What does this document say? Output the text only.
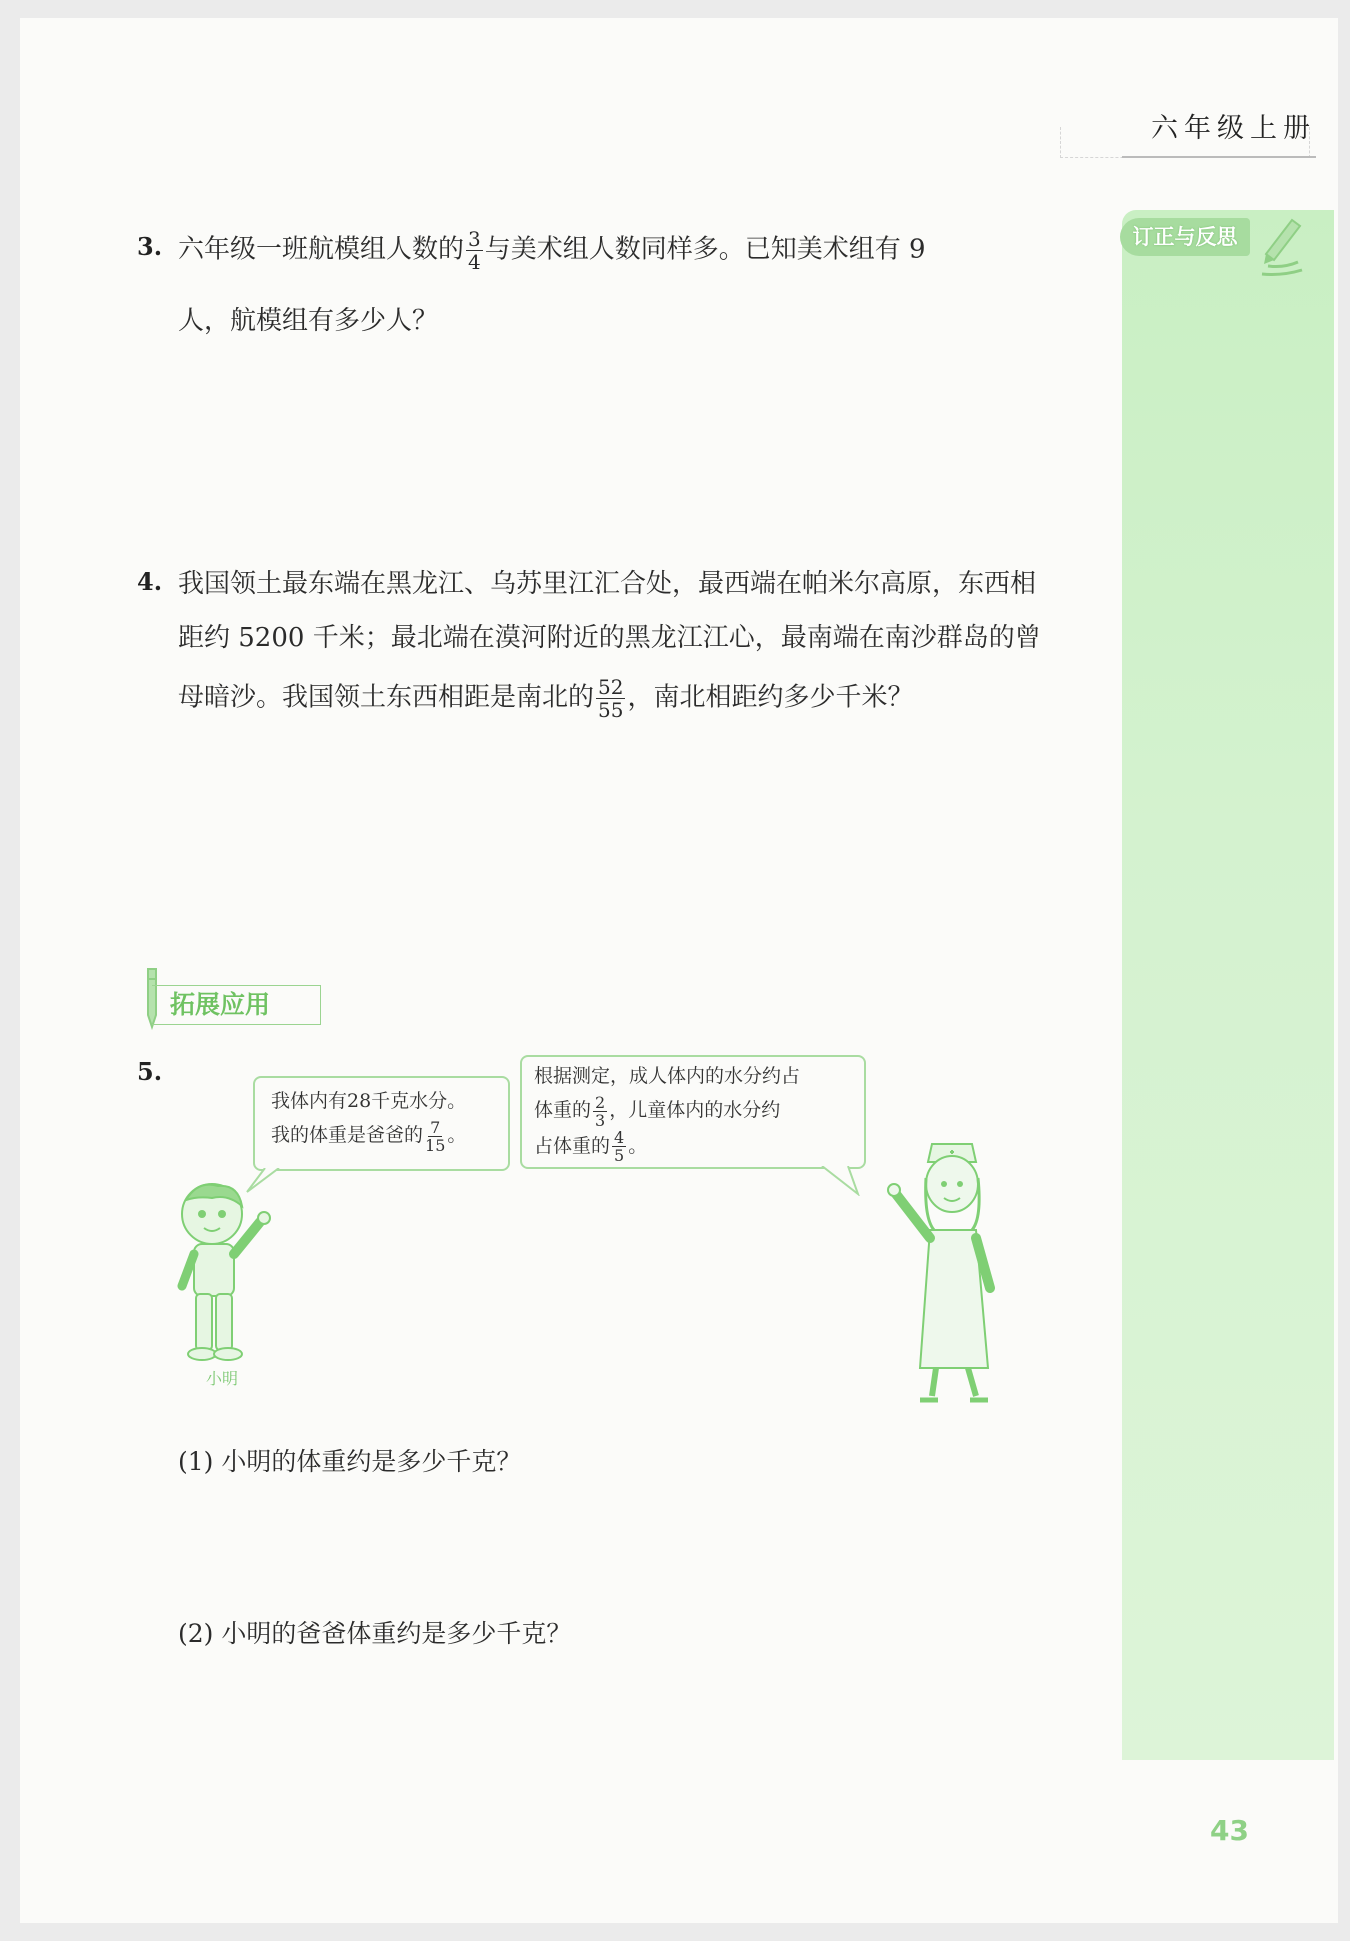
六年级上册
订正与反思
3. 六年级一班航模组人数的 $\frac{3}{4}$ 与美术组人数同样多。已知美术组有 9
人，航模组有多少人？
4. 我国领土最东端在黑龙江、乌苏里江汇合处，最西端在帕米尔高原，东西相
距约 5200 千米；最北端在漠河附近的黑龙江江心，最南端在南沙群岛的曾
母暗沙。我国领土东西相距是南北的 $\frac{52}{55}$ ，南北相距约多少千米？
拓展应用
5.
我体内有28千克水分。
我的体重是爸爸的 $\frac{7}{15}$ 。
根据测定，成人体内的水分约占
体重的 $\frac{2}{3}$ ，儿童体内的水分约
占体重的 $\frac{4}{5}$ 。
小明
(1) 小明的体重约是多少千克？
(2) 小明的爸爸体重约是多少千克？
43
